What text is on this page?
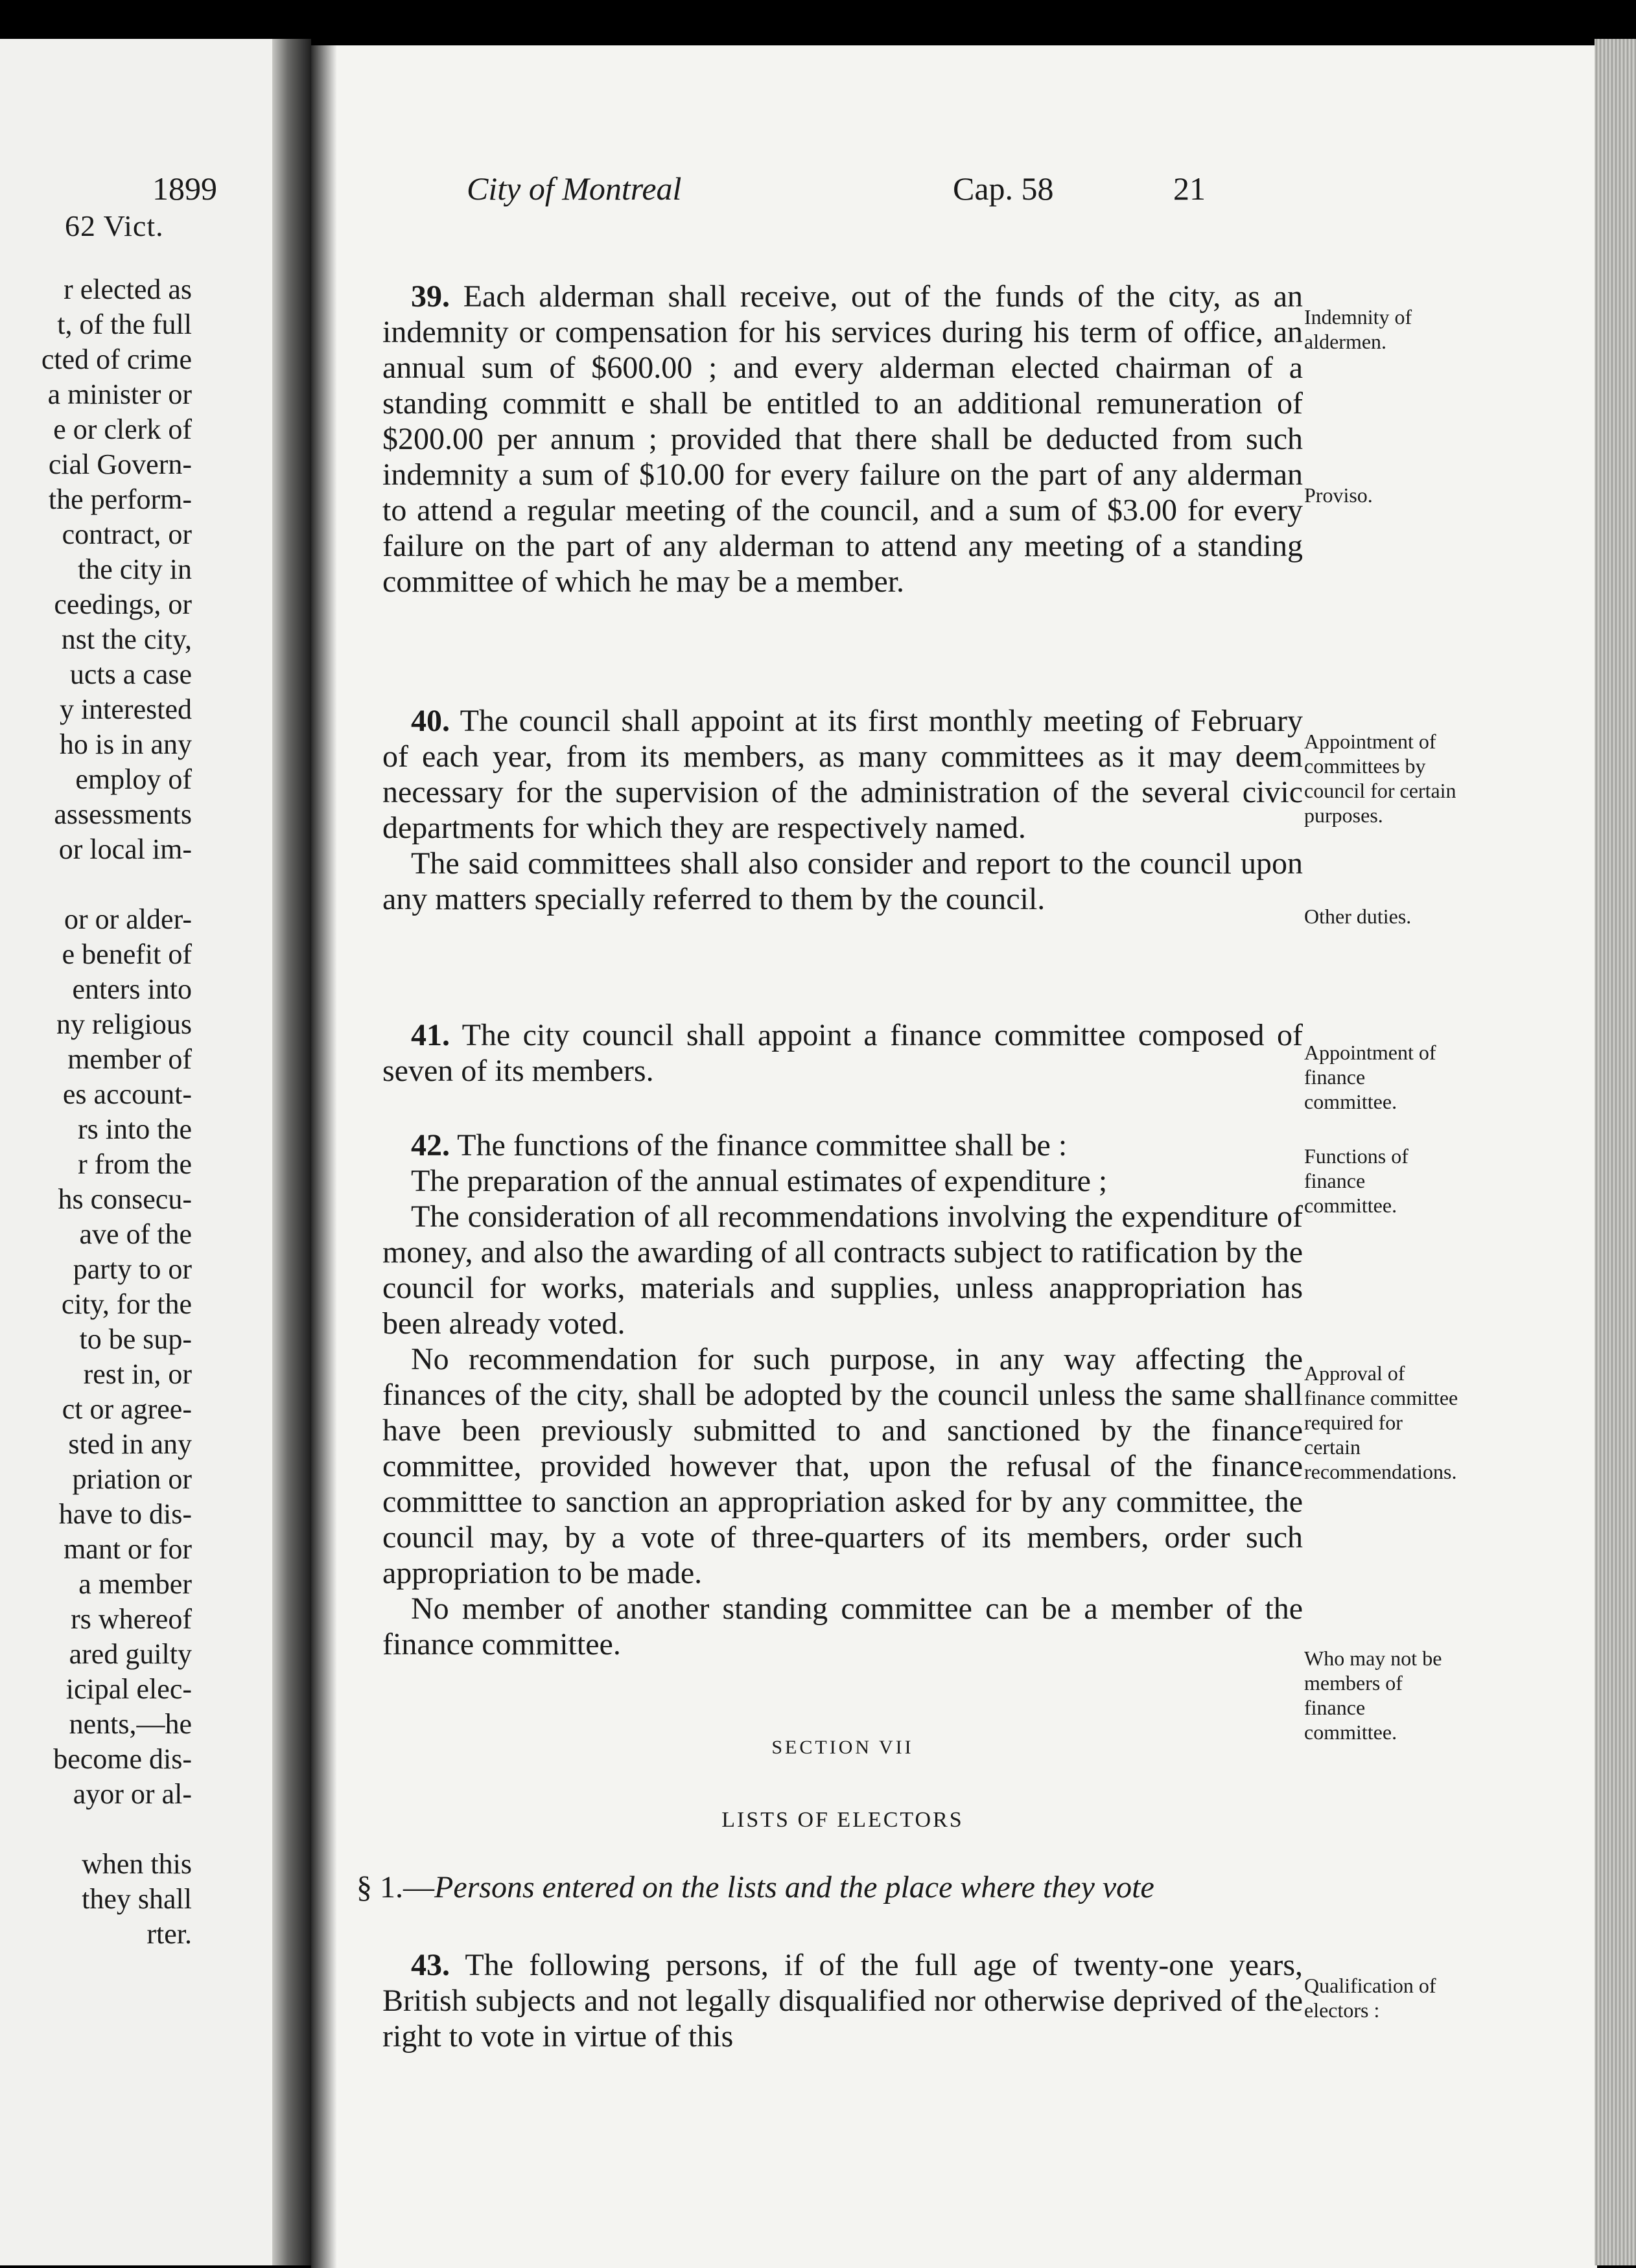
62 Vict.
r elected as
t, of the full
cted of crime
a minister or
e or clerk of
cial Govern-
the perform-
contract, or
the city in
ceedings, or
nst the city,
ucts a case
y interested
ho is in any
employ of
assessments
or local im-
or or alder-
e benefit of
enters into
ny religious
member of
es account-
rs into the
r from the
hs consecu-
ave of the
party to or
city, for the
to be sup-
rest in, or
ct or agree-
sted in any
priation or
have to dis-
mant or for
a member
rs whereof
ared guilty
icipal elec-
nents,—he
become dis-
ayor or al-
when this
they shall
rter.
1899	City of Montreal	Cap. 58	21

39. Each alderman shall receive, out of the funds of the city, as an indemnity or compensation for his services during his term of office, an annual sum of $600.00 ; and every alderman elected chairman of a standing committ e shall be entitled to an additional remuneration of $200.00 per annum ; provided that there shall be deducted from such indemnity a sum of $10.00 for every failure on the part of any alderman to attend a regular meeting of the council, and a sum of $3.00 for every failure on the part of any alderman to attend any meeting of a standing committee of which he may be a member.

Indemnity of aldermen.
Proviso.

40. The council shall appoint at its first monthly meeting of February of each year, from its members, as many committees as it may deem necessary for the supervision of the administration of the several civic departments for which they are respectively named.

The said committees shall also consider and report to the council upon any matters specially referred to them by the council.

Appointment of committees by council for certain purposes.
Other duties.

41. The city council shall appoint a finance committee composed of seven of its members.

Appointment of finance committee.

42. The functions of the finance committee shall be :

The preparation of the annual estimates of expenditure ;

The consideration of all recommendations involving the expenditure of money, and also the awarding of all contracts subject to ratification by the council for works, materials and supplies, unless anappropriation has been already voted.

No recommendation for such purpose, in any way affecting the finances of the city, shall be adopted by the council unless the same shall have been previously submitted to and sanctioned by the finance committee, provided however that, upon the refusal of the finance committtee to sanction an appropriation asked for by any committee, the council may, by a vote of three-quarters of its members, order such appropriation to be made.

No member of another standing committee can be a member of the finance committee.

Functions of finance committee.
Approval of finance committee required for certain recommendations.
Who may not be members of finance committee.
SECTION VII
LISTS OF ELECTORS
§ 1.—Persons entered on the lists and the place where they vote

43. The following persons, if of the full age of twenty-one years, British subjects and not legally disqualified nor otherwise deprived of the right to vote in virtue of this

Qualification of electors :
